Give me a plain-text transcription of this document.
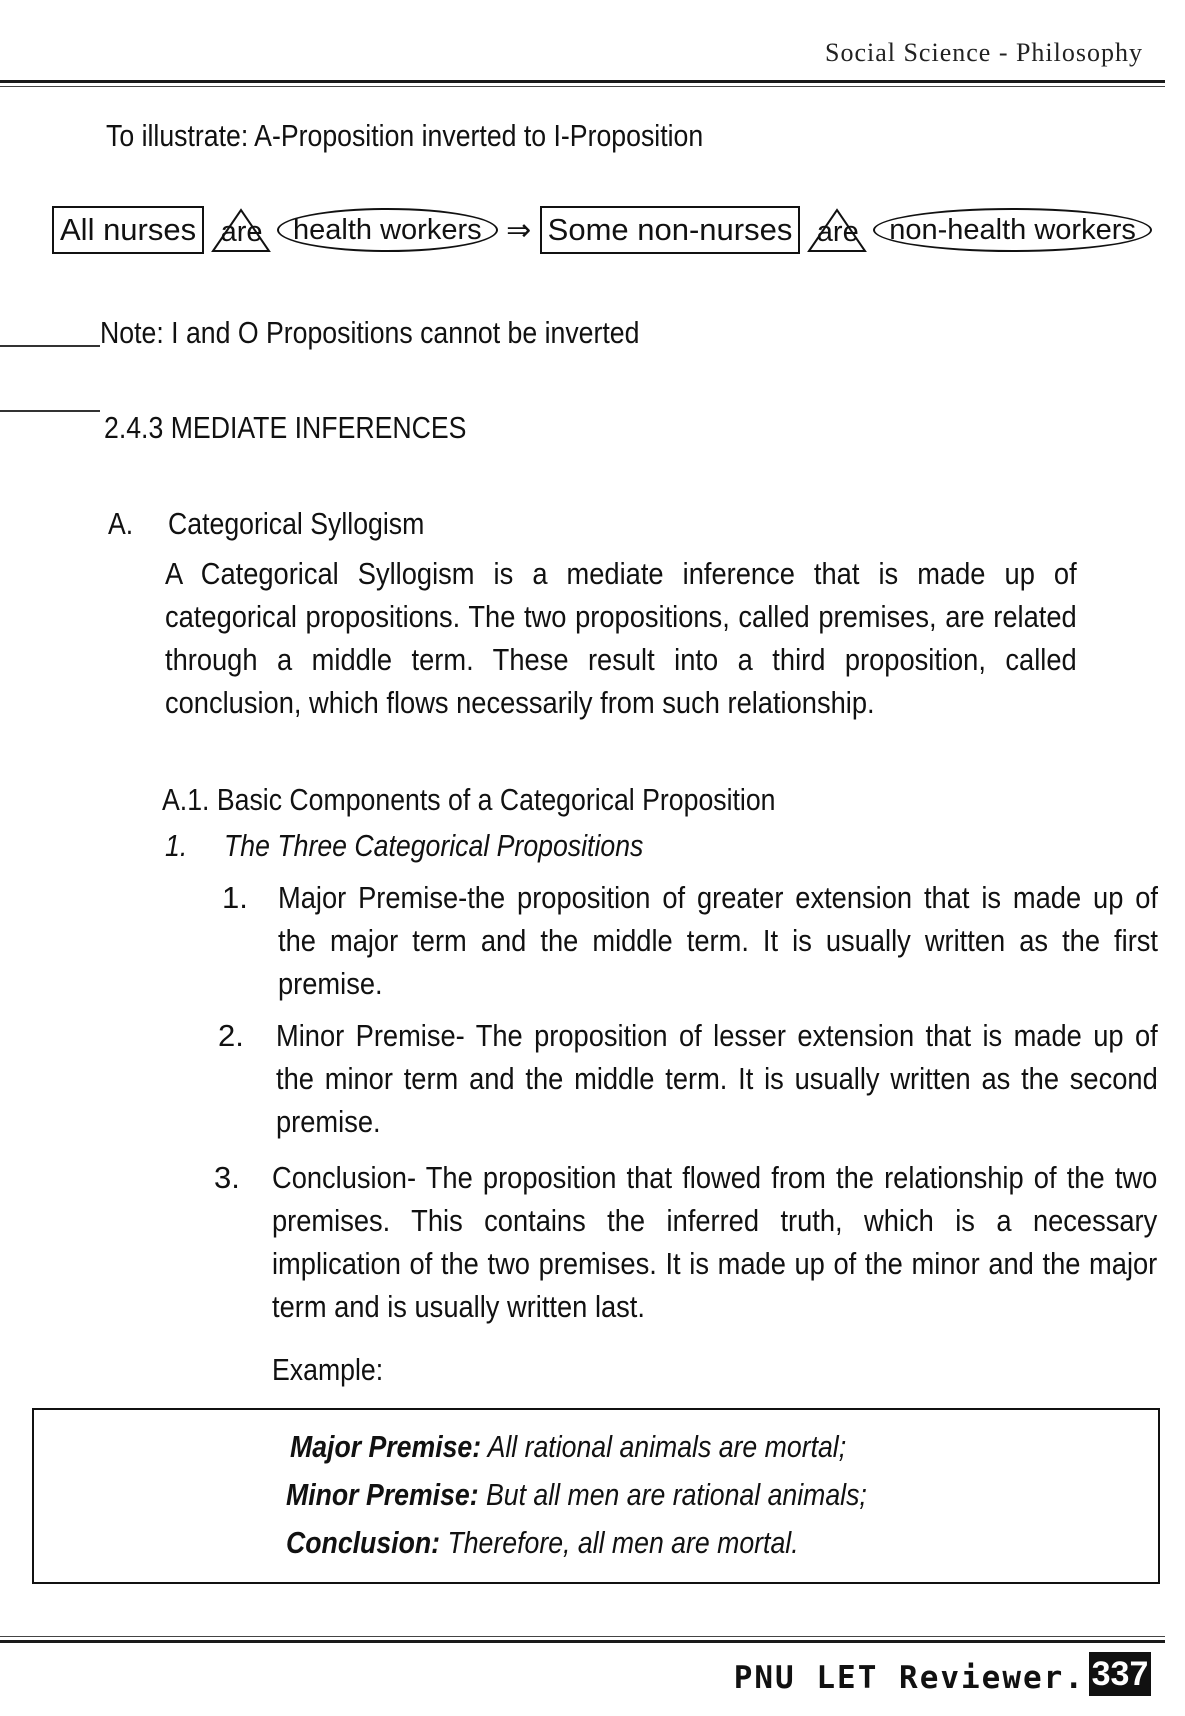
Social Science - Philosophy
To illustrate: A-Proposition inverted to I-Proposition
All nurses are health workers ⇒ Some non-nurses are non-health workers
Note: I and O Propositions cannot be inverted
2.4.3 MEDIATE INFERENCES
A. Categorical Syllogism
A Categorical Syllogism is a mediate inference that is made up of categorical propositions. The two propositions, called premises, are related through a middle term. These result into a third proposition, called conclusion, which flows necessarily from such relationship.
A.1. Basic Components of a Categorical Proposition
1. The Three Categorical Propositions
1. Major Premise-the proposition of greater extension that is made up of the major term and the middle term. It is usually written as the first premise.
2. Minor Premise- The proposition of lesser extension that is made up of the minor term and the middle term. It is usually written as the second premise.
3. Conclusion- The proposition that flowed from the relationship of the two premises. This contains the inferred truth, which is a necessary implication of the two premises. It is made up of the minor and the major term and is usually written last.
Example:
Major Premise: All rational animals are mortal;
Minor Premise: But all men are rational animals;
Conclusion: Therefore, all men are mortal.
PNU LET Reviewer. 337
